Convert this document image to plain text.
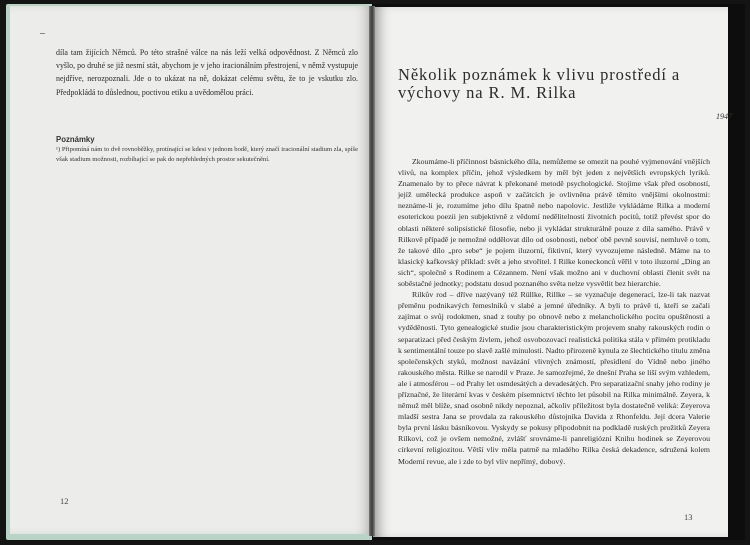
díla tam žijících Němců. Po této strašné válce na nás leží velká odpovědnost. Z Němců zlo vyšlo, po druhé se již nesmí stát, abychom je v jeho iracionálním přestrojení, v němž vystupuje nejdříve, nerozpoznali. Jde o to ukázat na ně, dokázat celému světu, že to je vskutku zlo. Předpokládá to důslednou, poctivou etiku a uvědomělou práci.

1947
Poznámky
¹) Připomíná nám to dvě rovnoběžky, protínající se kdesi v jednom bodě, který značí iracionální stadium zla, spíše však stadium možnosti, rozbíhající se pak do nepřehledných prostor sekutečnění.
12
Několik poznámek k vlivu prostředí a výchovy na R. M. Rilka

Zkoumáme-li příčinnost básnického díla, nemůžeme se omezit na pouhé vyjmenování vnějších vlivů, na komplex příčin, jehož výsledkem by měl být jeden z největších evropských lyriků. Znamenalo by to přece návrat k překonané metodě psychologické. Stojíme však před osobností, jejíž umělecká produkce aspoň v začátcích je ovlivněna právě těmito vnějšími okolnostmi: neznáme-li je, rozumíme jeho dílu špatně nebo napolovic. Jestliže vykládáme Rilka a moderní esoterickou poezii jen subjektivně z vědomí nedělitelnosti životních pocitů, totiž převést spor do oblasti některé solipsistické filosofie, nebo ji vykládat strukturálně pouze z díla samého. Právě v Rilkově případě je nemožné oddělovat dílo od osobnosti, neboť obě pevně souvisí, nemluvě o tom, že takové dílo „pro sebe“ je pojem iluzorní, fiktivní, který vyvozujeme následně. Máme na to klasický kafkovský příklad: svět a jeho stvořitel. I Rilke koneckonců věřil v toto iluzorní „Ding an sich“, společně s Rodinem a Cézannem. Není však možno ani v duchovní oblasti členit svět na soběstačné jednotky; podstatu dosud poznaného světa nelze vysvětlit bez hierarchie.

Rilkův rod – dříve nazývaný též Rüllke, Rillke – se vyznačuje degenerací, lze-li tak nazvat přeměnu podnikavých řemeslníků v slabé a jemné úředníky. A byli to právě ti, kteří se začali zajímat o svůj rodokmen, snad z touhy po obnově nebo z melancholického pocitu opuštěnosti a vyděděnosti. Tyto genealogické studie jsou charakteristickým projevem snahy rakouských rodin o separatizaci před českým živlem, jehož osvobozovací realistická politika stála v přímém protikladu k sentimentální touze po slavě zašlé minulosti. Nadto přirozeně kynula ze šlechtického titulu změna společenských styků, možnost navázání vlivných známostí, přesídlení do Vídně nebo jiného rakouského města. Rilke se narodil v Praze. Je samozřejmé, že dnešní Praha se liší svým vzhledem, ale i atmosférou – od Prahy let osmdesátých a devadesátých. Pro separatizační snahy jeho rodiny je příznačné, že literární kvas v českém písemnictví těchto let působil na Rilka minimálně. Zeyera, k němuž měl blíže, snad osobně nikdy nepoznal, ačkoliv příležitost byla dostatečně veliká: Zeyerova mladší sestra Jana se provdala za rakouského důstojníka Davida z Rhonfeldu. Její dcera Valerie byla první lásku básníkovou. Vyskydy se pokusy připodobnit na podkladě ruských prožitků Zeyera Rilkovi, což je ovšem nemožné, zvlášť srovnáme-li panreligiózní Knihu hodinek se Zeyerovou církevní religiozitou. Větší vliv měla patrně na mladého Rilka česká dekadence, sdružená kolem Moderní revue, ale i zde to byl vliv nepřímý, dobový.

13
